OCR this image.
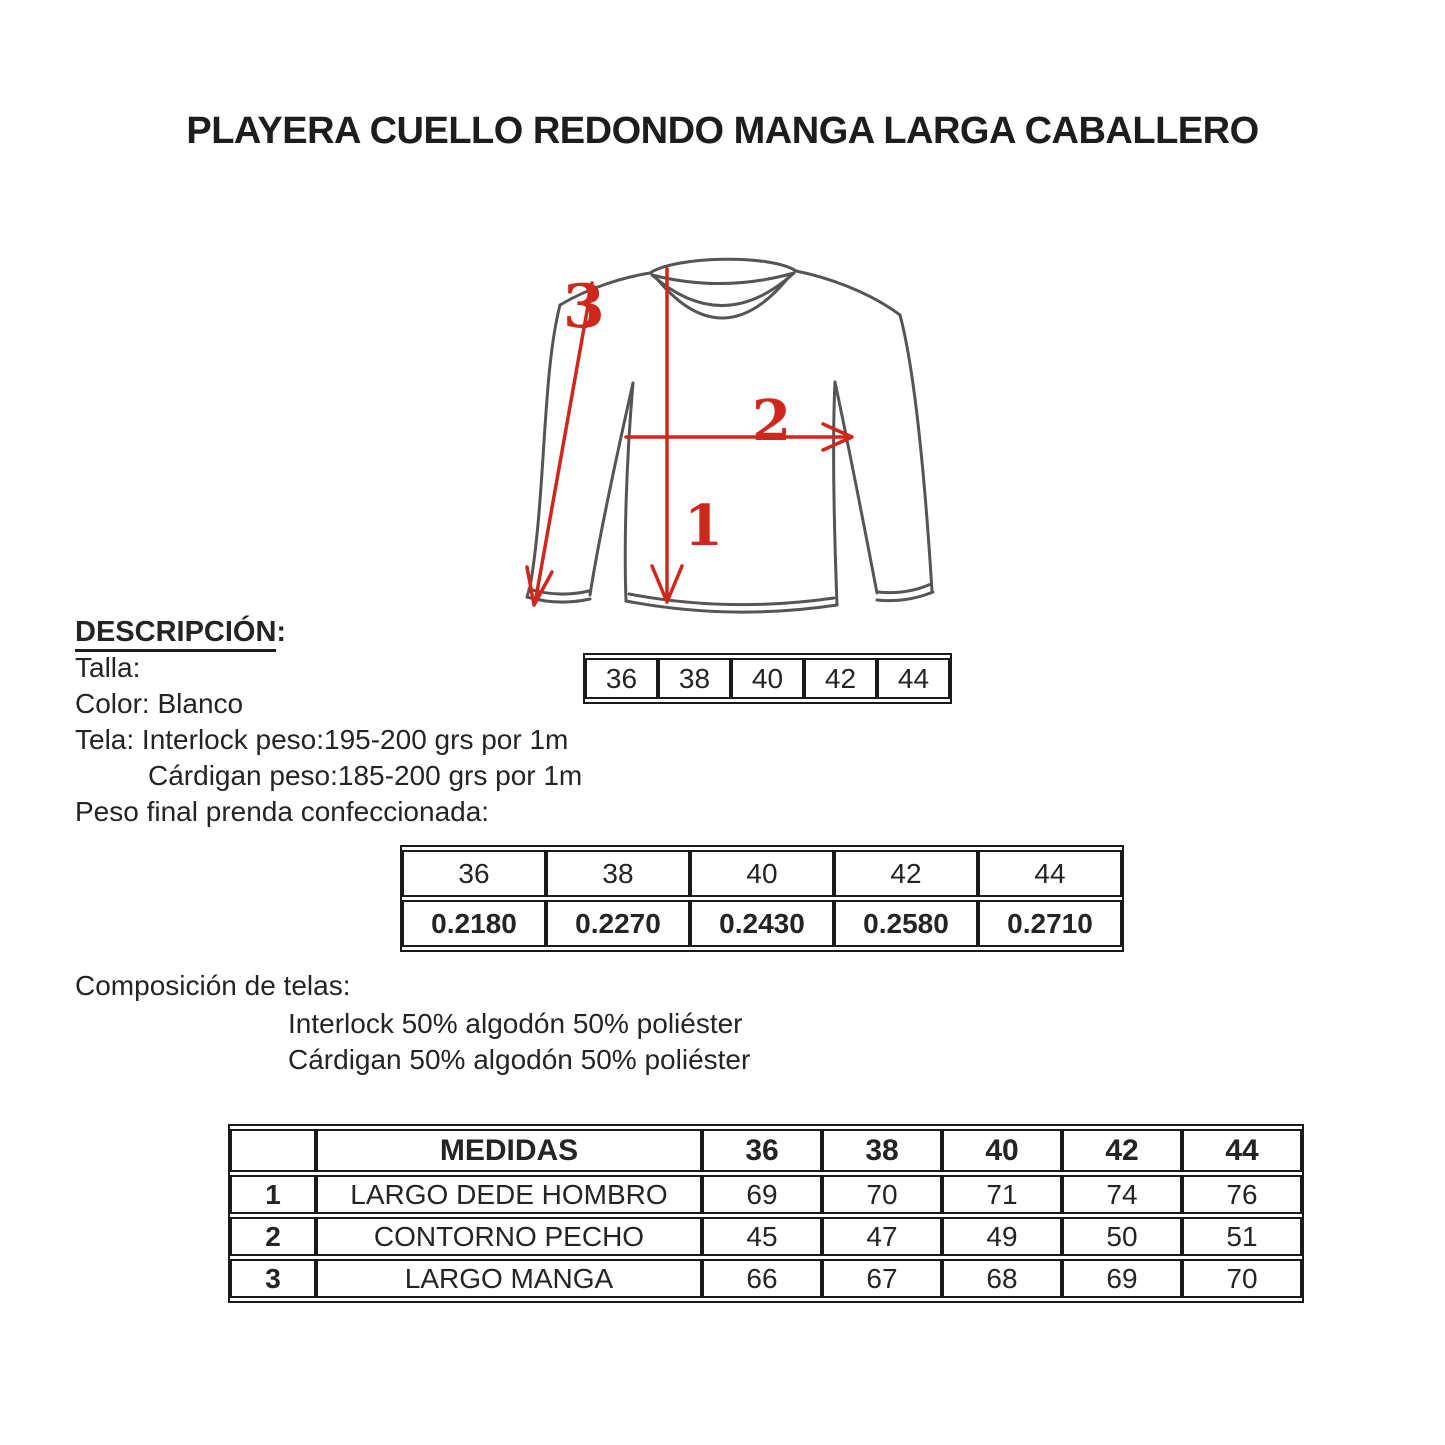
PLAYERA CUELLO REDONDO MANGA LARGA CABALLERO
3
2
1
DESCRIPCIÓN:
Talla:
Color: Blanco
Tela: Interlock peso:195-200 grs por 1m
Cárdigan peso:185-200 grs por 1m
Peso final prenda confeccionada:
36	38	40	42	44
36	38	40	42	44
0.2180	0.2270	0.2430	0.2580	0.2710
Composición de telas:
Interlock 50% algodón 50% poliéster
Cárdigan 50% algodón 50% poliéster
	MEDIDAS	36	38	40	42	44
1	LARGO DEDE HOMBRO	69	70	71	74	76
2	CONTORNO PECHO	45	47	49	50	51
3	LARGO MANGA	66	67	68	69	70
